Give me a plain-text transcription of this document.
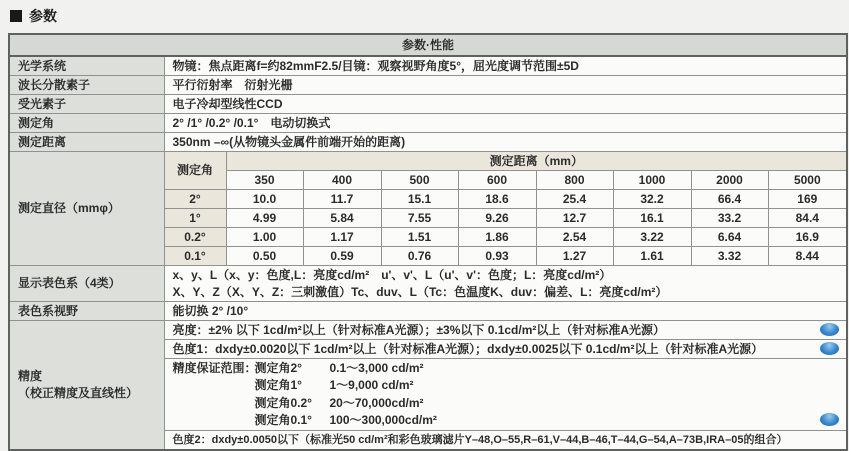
参数
参数·性能									
光学系统	物镜：焦点距离f=约82mmF2.5/目镜：观察视野角度5°，屈光度调节范围±5D								
波长分散素子	平行衍射率　衍射光栅								
受光素子	电子冷却型线性CCD								
测定角	2° /1° /0.2° /0.1°　电动切换式								
测定距离	350nm –∞(从物镜头金属件前端开始的距离)								
测定直径（mmφ）	测定角	测定距离（mm）							
		350	400	500	600	800	1000	2000	5000
	2°	10.0	11.7	15.1	18.6	25.4	32.2	66.4	169
	1°	4.99	5.84	7.55	9.26	12.7	16.1	33.2	84.4
	0.2°	1.00	1.17	1.51	1.86	2.54	3.22	6.64	16.9
	0.1°	0.50	0.59	0.76	0.93	1.27	1.61	3.32	8.44
显示表色系（4类）	x、y、L（x、y：色度,L：亮度cd/m²　u'、v'、L（u'、v'：色度；L：亮度cd/m²）
X、Y、Z（X、Y、Z：三刺激值）Tc、duv、L（Tc：色温度K、duv：偏差、L：亮度cd/m²）								

表色系视野	能切换 2° /10°								

精度
（校正精度及直线性）	亮度：±2% 以下 1cd/m²以上（针对标准A光源）；±3%以下 0.1cd/m²以上（针对标准A光源）								

	色度1：dxdy±0.0020以下 1cd/m²以上（针对标准A光源）；dxdy±0.0025以下 0.1cd/m²以上（针对标准A光源）								

精度保证范围：
测定角2°	0.1～3,000 cd/m²
测定角1°	1～9,000 cd/m²
测定角0.2°	20～70,000cd/m²
测定角0.1°	100～300,000cd/m²

	色度2：dxdy±0.0050以下（标准光50 cd/m²和彩色玻璃滤片Y–48,O–55,R–61,V–44,B–46,T–44,G–54,A–73B,IRA–05的组合）								
